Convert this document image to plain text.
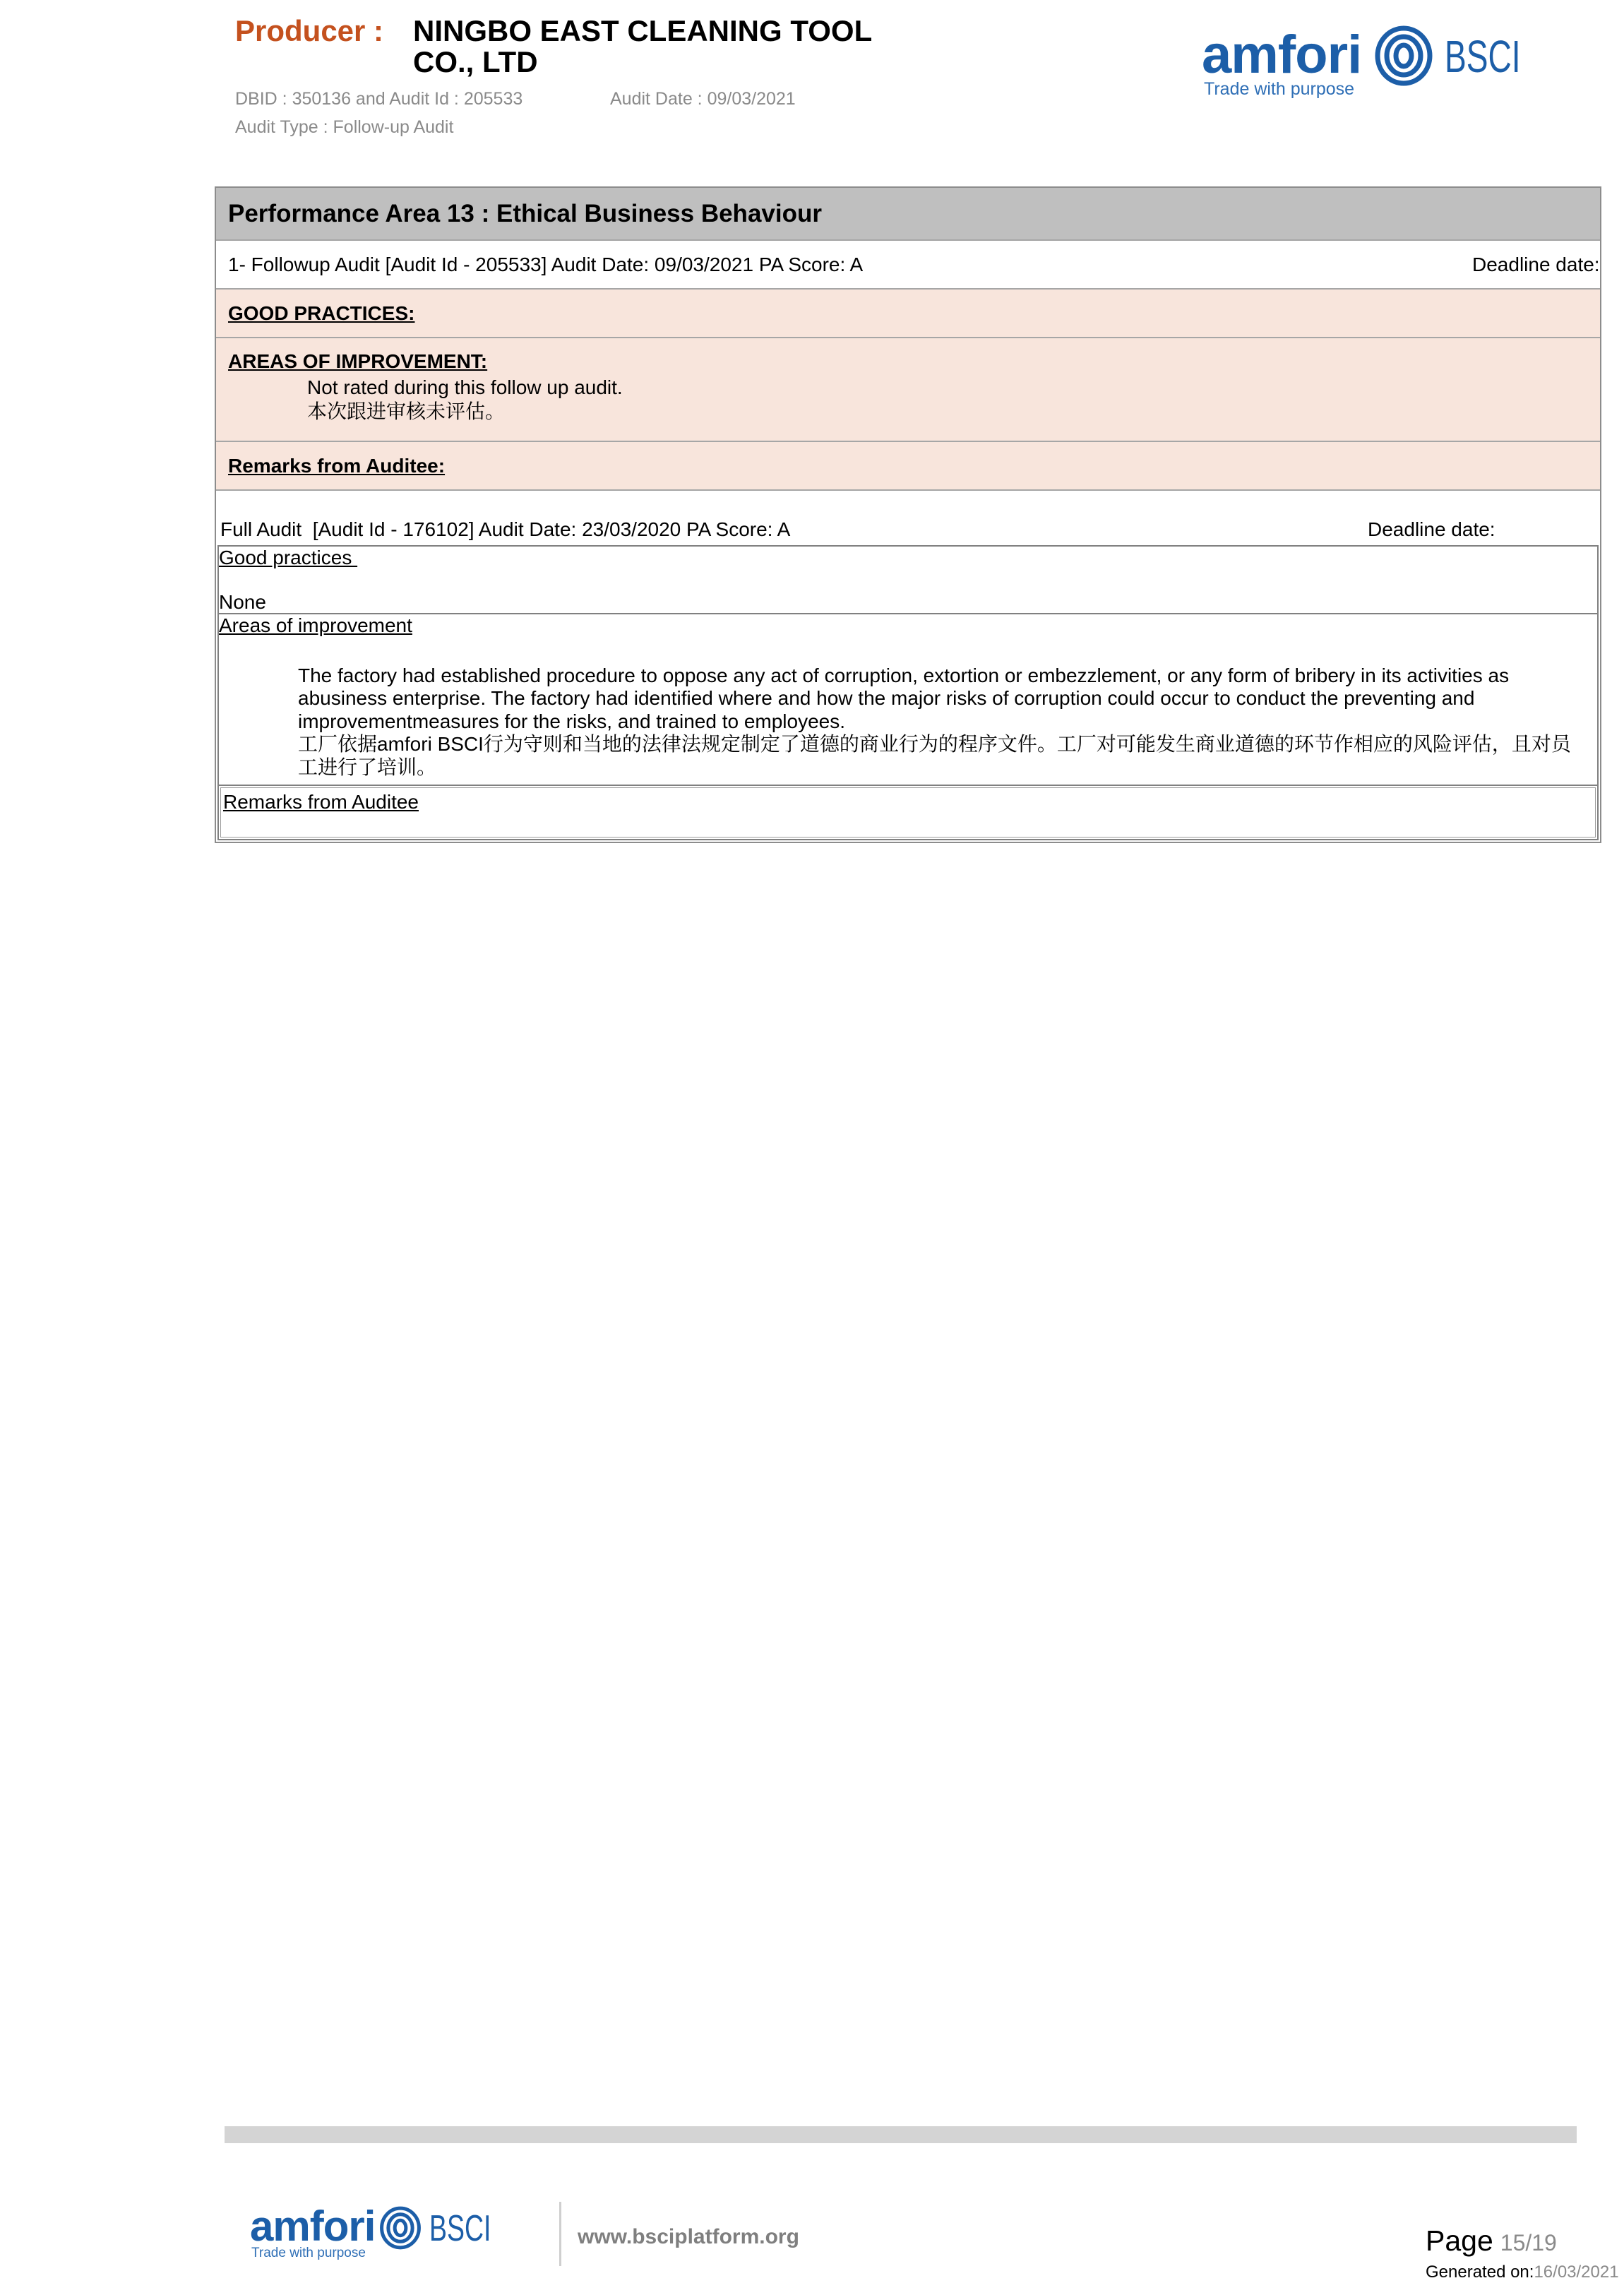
Producer : NINGBO EAST CLEANING TOOL
CO., LTD
DBID : 350136 and Audit Id : 205533	Audit Date : 09/03/2021
Audit Type : Follow-up Audit
amfori BSCI
Trade with purpose
Performance Area 13 : Ethical Business Behaviour
1- Followup Audit [Audit Id - 205533] Audit Date: 09/03/2021 PA Score: A	Deadline date:
GOOD PRACTICES:
AREAS OF IMPROVEMENT:
Not rated during this follow up audit.
本次跟进审核未评估。
Remarks from Auditee:
Full Audit  [Audit Id - 176102] Audit Date: 23/03/2020 PA Score: A	Deadline date:
Good practices
None
Areas of improvement
The factory had established procedure to oppose any act of corruption, extortion or embezzlement, or any form of bribery in its activities as
abusiness enterprise. The factory had identified where and how the major risks of corruption could occur to conduct the preventing and
improvementmeasures for the risks, and trained to employees.
工厂依据amfori BSCI行为守则和当地的法律法规定制定了道德的商业行为的程序文件。工厂对可能发生商业道德的环节作相应的风险评估，且对员
工进行了培训。
Remarks from Auditee
amfori BSCI
Trade with purpose
www.bsciplatform.org	Page 15/19
Generated on:16/03/2021
